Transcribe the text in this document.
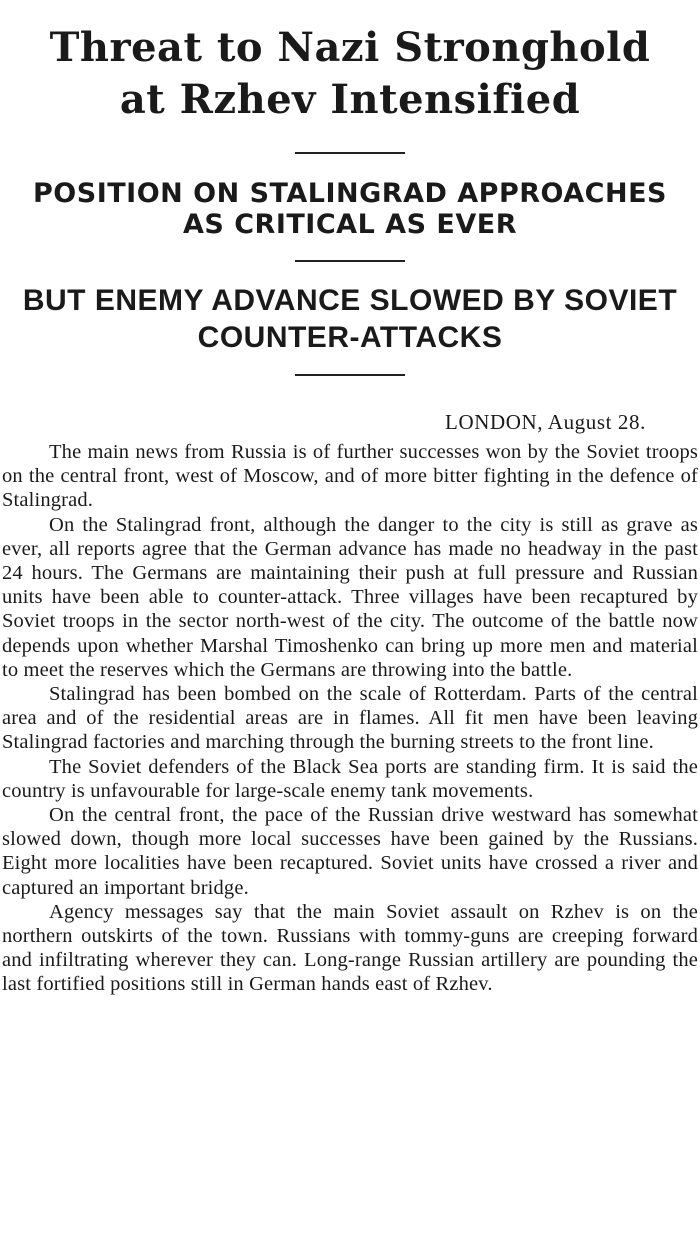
Threat to Nazi Stronghold at Rzhev Intensified
POSITION ON STALINGRAD APPROACHES AS CRITICAL AS EVER
BUT ENEMY ADVANCE SLOWED BY SOVIET COUNTER-ATTACKS
LONDON, August 28.

The main news from Russia is of further successes won by the Soviet troops on the central front, west of Moscow, and of more bitter fighting in the defence of Stalingrad.

On the Stalingrad front, although the danger to the city is still as grave as ever, all reports agree that the German advance has made no headway in the past 24 hours. The Germans are maintaining their push at full pressure and Russian units have been able to counter-attack. Three villages have been recaptured by Soviet troops in the sector north-west of the city. The outcome of the battle now depends upon whether Marshal Timoshenko can bring up more men and material to meet the reserves which the Germans are throwing into the battle.

Stalingrad has been bombed on the scale of Rotterdam. Parts of the central area and of the residential areas are in flames. All fit men have been leaving Stalingrad factories and marching through the burning streets to the front line.

The Soviet defenders of the Black Sea ports are standing firm. It is said the country is unfavourable for large-scale enemy tank movements.

On the central front, the pace of the Russian drive westward has somewhat slowed down, though more local successes have been gained by the Russians. Eight more localities have been recaptured. Soviet units have crossed a river and captured an important bridge.

Agency messages say that the main Soviet assault on Rzhev is on the northern outskirts of the town. Russians with tommy-guns are creeping forward and infiltrating wherever they can. Long-range Russian artillery are pounding the last fortified positions still in German hands east of Rzhev.
